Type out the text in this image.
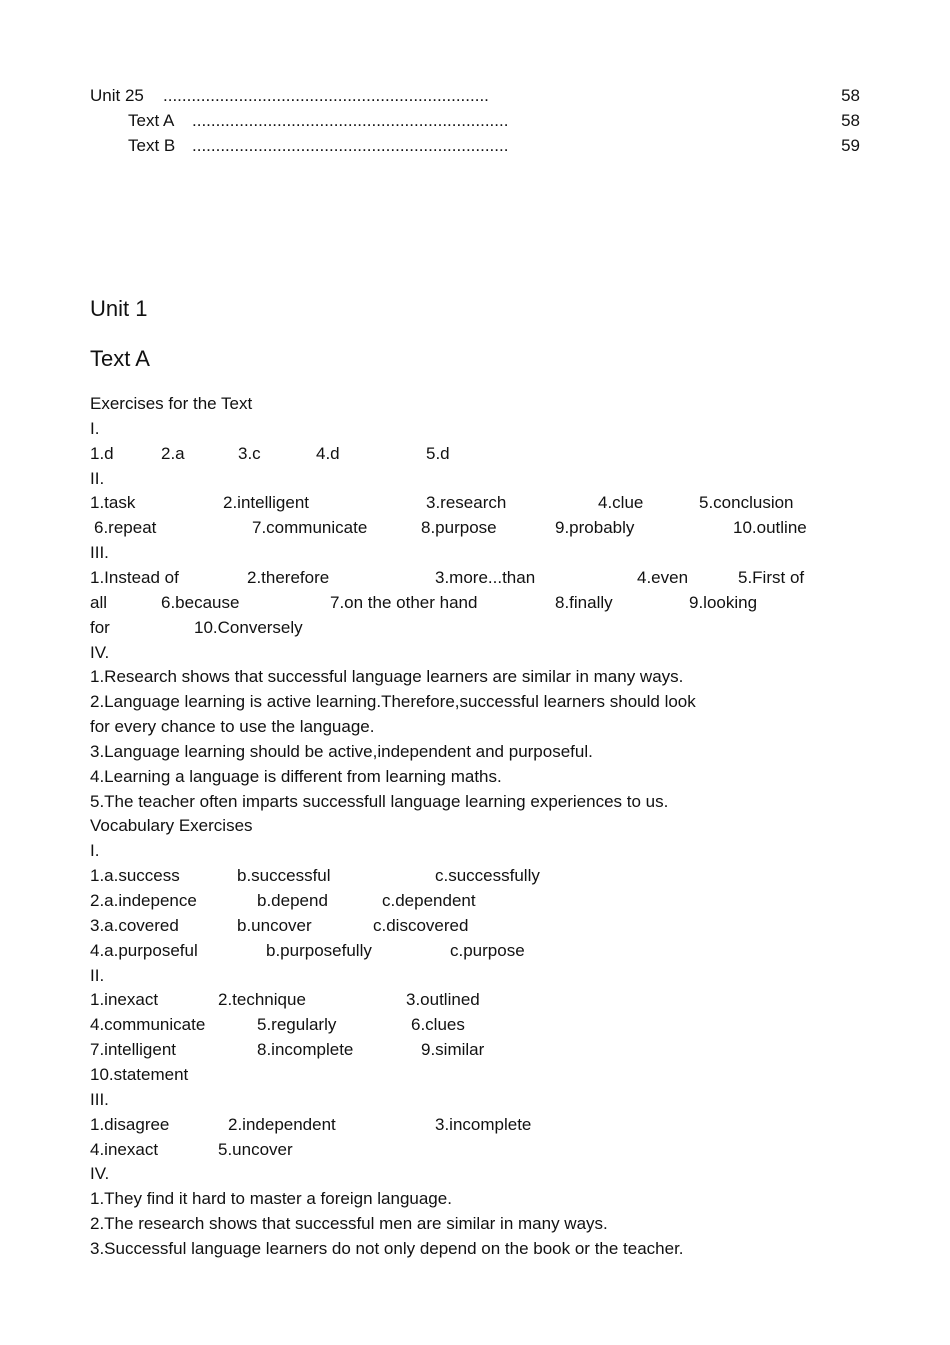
Unit 25 .....................................................................	58
Text A ...................................................................	58
Text B ...................................................................	59
Unit 1
Text A
Exercises for the Text
I.
1.d	2.a	3.c	4.d	5.d
II.
1.task	2.intelligent	3.research	4.clue	5.conclusion
6.repeat	7.communicate	8.purpose	9.probably	10.outline
III.
1.Instead of	2.therefore	3.more...than	4.even	5.First of
all	6.because	7.on the other hand	8.finally	9.looking
for	10.Conversely
IV.
1.Research shows that successful language learners are similar in many ways.
2.Language learning is active learning.Therefore,successful learners should look
for every chance to use the language.
3.Language learning should be active,independent and purposeful.
4.Learning a language is different from learning maths.
5.The teacher often imparts successfull language learning experiences to us.
Vocabulary Exercises
I.
1.a.success	b.successful	c.successfully
2.a.indepence	b.depend	c.dependent
3.a.covered	b.uncover	c.discovered
4.a.purposeful	b.purposefully	c.purpose
II.
1.inexact	2.technique	3.outlined
4.communicate	5.regularly	6.clues
7.intelligent	8.incomplete	9.similar
10.statement
III.
1.disagree	2.independent	3.incomplete
4.inexact	5.uncover
IV.
1.They find it hard to master a foreign language.
2.The research shows that successful men are similar in many ways.
3.Successful language learners do not only depend on the book or the teacher.
